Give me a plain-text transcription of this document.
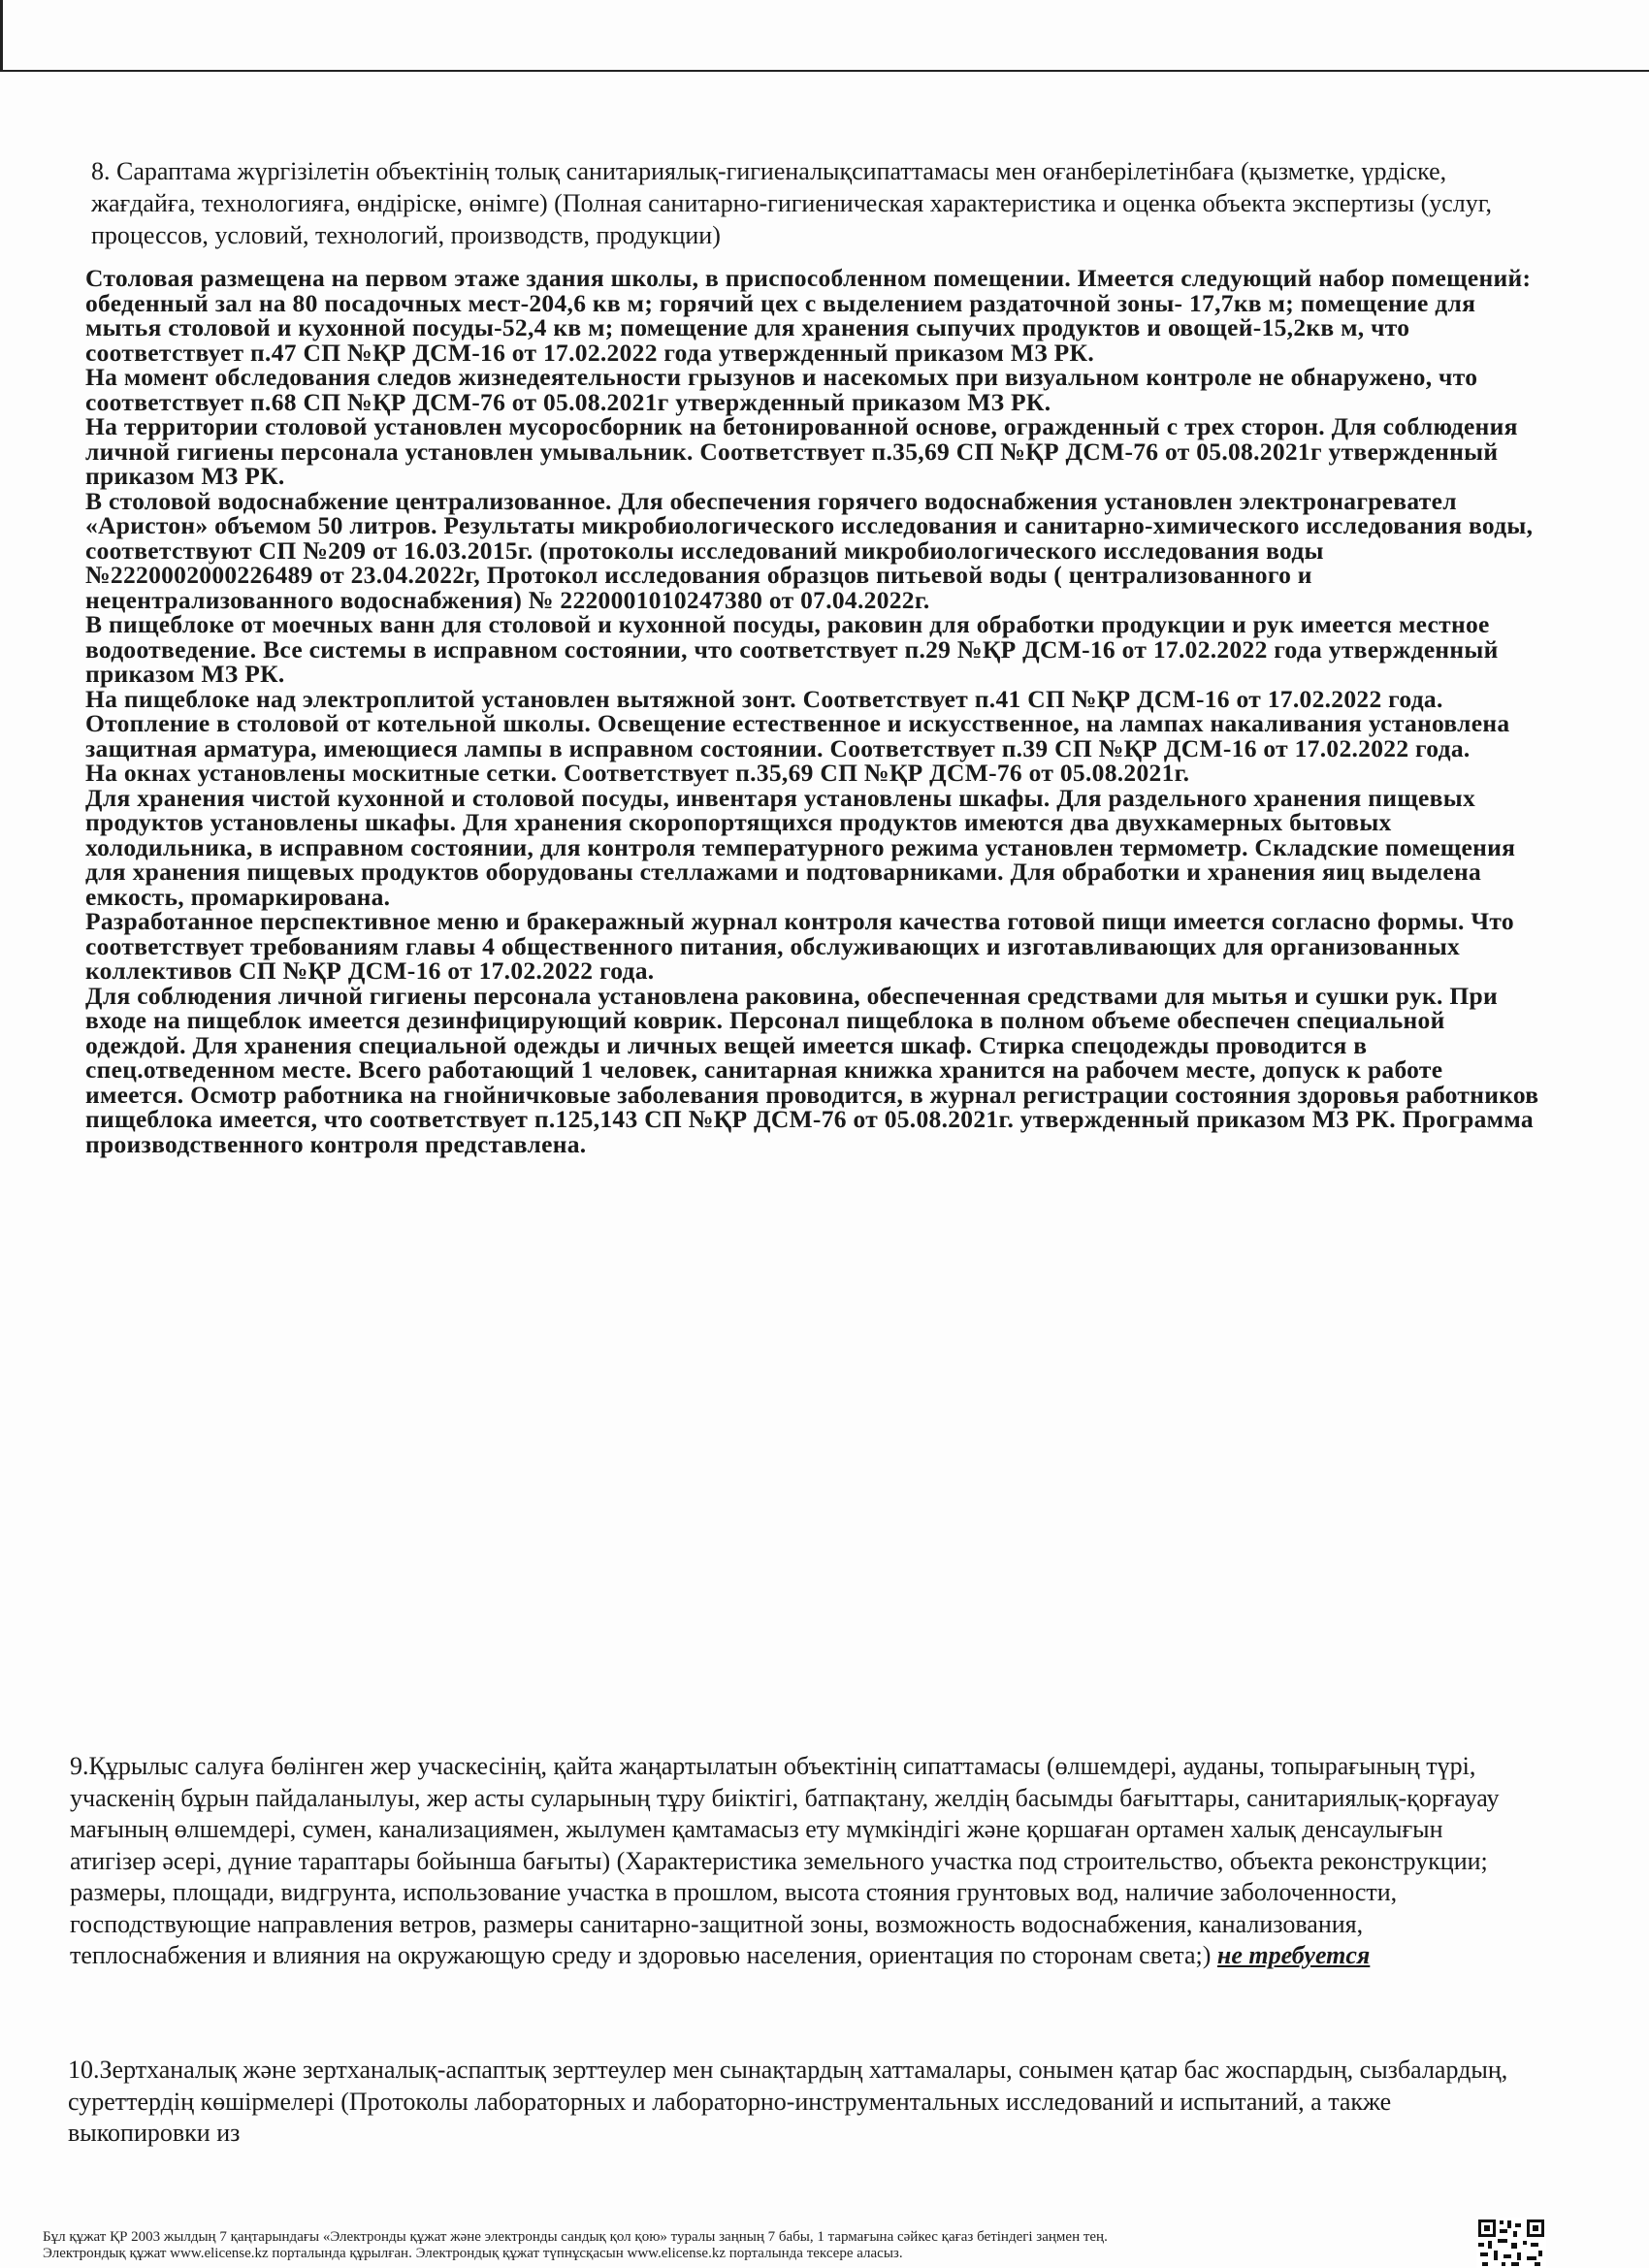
8. Сараптама жүргізілетін объектінің толық санитариялық-гигиеналықсипаттамасы мен оғанберілетінбаға (қызметке, үрдіске, жағдайға, технологияға, өндіріске, өнімге) (Полная санитарно-гигиеническая характеристика и оценка объекта экспертизы (услуг, процессов, условий, технологий, производств, продукции)

Столовая размещена на первом этаже здания школы, в приспособленном помещении. Имеется следующий набор помещений: обеденный зал на 80 посадочных мест-204,6 кв м; горячий цех с выделением раздаточной зоны- 17,7кв м; помещение для мытья столовой и кухонной посуды-52,4 кв м; помещение для хранения сыпучих продуктов и овощей-15,2кв м, что соответствует п.47 СП №ҚР ДСМ-16 от 17.02.2022 года утвержденный приказом МЗ РК.

На момент обследования следов жизнедеятельности грызунов и насекомых при визуальном контроле не обнаружено, что соответствует п.68 СП №ҚР ДСМ-76 от 05.08.2021г утвержденный приказом МЗ РК.

На территории столовой установлен мусоросборник на бетонированной основе, огражденный с трех сторон. Для соблюдения личной гигиены персонала установлен умывальник. Соответствует п.35,69 СП №ҚР ДСМ-76 от 05.08.2021г утвержденный приказом МЗ РК.

В столовой водоснабжение централизованное. Для обеспечения горячего водоснабжения установлен электронагревател «Аристон» объемом 50 литров. Результаты микробиологического исследования и санитарно-химического исследования воды, соответствуют СП №209 от 16.03.2015г. (протоколы исследований микробиологического исследования воды №2220002000226489 от 23.04.2022г, Протокол исследования образцов питьевой воды ( централизованного и нецентрализованного водоснабжения) № 2220001010247380 от 07.04.2022г.

В пищеблоке от моечных ванн для столовой и кухонной посуды, раковин для обработки продукции и рук имеется местное водоотведение. Все системы в исправном состоянии, что соответствует п.29 №ҚР ДСМ-16 от 17.02.2022 года утвержденный приказом МЗ РК.

На пищеблоке над электроплитой установлен вытяжной зонт. Соответствует п.41 СП №ҚР ДСМ-16 от 17.02.2022 года.

Отопление в столовой от котельной школы. Освещение естественное и искусственное, на лампах накаливания установлена защитная арматура, имеющиеся лампы в исправном состоянии. Соответствует п.39 СП №ҚР ДСМ-16 от 17.02.2022 года.

На окнах установлены москитные сетки. Соответствует п.35,69 СП №ҚР ДСМ-76 от 05.08.2021г.

Для хранения чистой кухонной и столовой посуды, инвентаря установлены шкафы. Для раздельного хранения пищевых продуктов установлены шкафы. Для хранения скоропортящихся продуктов имеются два двухкамерных бытовых холодильника, в исправном состоянии, для контроля температурного режима установлен термометр. Складские помещения для хранения пищевых продуктов оборудованы стеллажами и подтоварниками. Для обработки и хранения яиц выделена емкость, промаркирована.

Разработанное перспективное меню и бракеражный журнал контроля качества готовой пищи имеется согласно формы. Что соответствует требованиям главы 4 общественного питания, обслуживающих и изготавливающих для организованных коллективов СП №ҚР ДСМ-16 от 17.02.2022 года.

Для соблюдения личной гигиены персонала установлена раковина, обеспеченная средствами для мытья и сушки рук. При входе на пищеблок имеется дезинфицирующий коврик. Персонал пищеблока в полном объеме обеспечен специальной одеждой. Для хранения специальной одежды и личных вещей имеется шкаф. Стирка спецодежды проводится в спец.отведенном месте. Всего работающий 1 человек, санитарная книжка хранится на рабочем месте, допуск к работе имеется. Осмотр работника на гнойничковые заболевания проводится, в журнал регистрации состояния здоровья работников пищеблока имеется, что соответствует п.125,143 СП №ҚР ДСМ-76 от 05.08.2021г. утвержденный приказом МЗ РК. Программа производственного контроля представлена.

9.Құрылыс салуға бөлінген жер учаскесінің, қайта жаңартылатын объектінің сипаттамасы (өлшемдері, ауданы, топырағының түрі, учаскенің бұрын пайдаланылуы, жер асты суларының тұру биіктігі, батпақтану, желдің басымды бағыттары, санитариялық-қорғауау мағының өлшемдері, сумен, канализациямен, жылумен қамтамасыз ету мүмкіндігі және қоршаған ортамен халық денсаулығын атигізер әсері, дүние тараптары бойынша бағыты) (Характеристика земельного участка под строительство, объекта реконструкции; размеры, площади, видгрунта, использование участка в прошлом, высота стояния грунтовых вод, наличие заболоченности, господствующие направления ветров, размеры санитарно-защитной зоны, возможность водоснабжения, канализования, теплоснабжения и влияния на окружающую среду и здоровью населения, ориентация по сторонам света;) не требуется

10.Зертханалық және зертханалық-аспаптық зерттеулер мен сынақтардың хаттамалары, сонымен қатар бас жоспардың, сызбалардың, суреттердің көшірмелері (Протоколы лабораторных и лабораторно-инструментальных исследований и испытаний, а также выкопировки из

Бұл құжат ҚР 2003 жылдың 7 қаңтарындағы «Электронды құжат және электронды сандық қол қою» туралы заңның 7 бабы, 1 тармағына сәйкес қағаз бетіндегі заңмен тең.

Электрондық құжат www.elicense.kz порталында құрылған. Электрондық құжат түпнұсқасын www.elicense.kz порталында тексере аласыз.
